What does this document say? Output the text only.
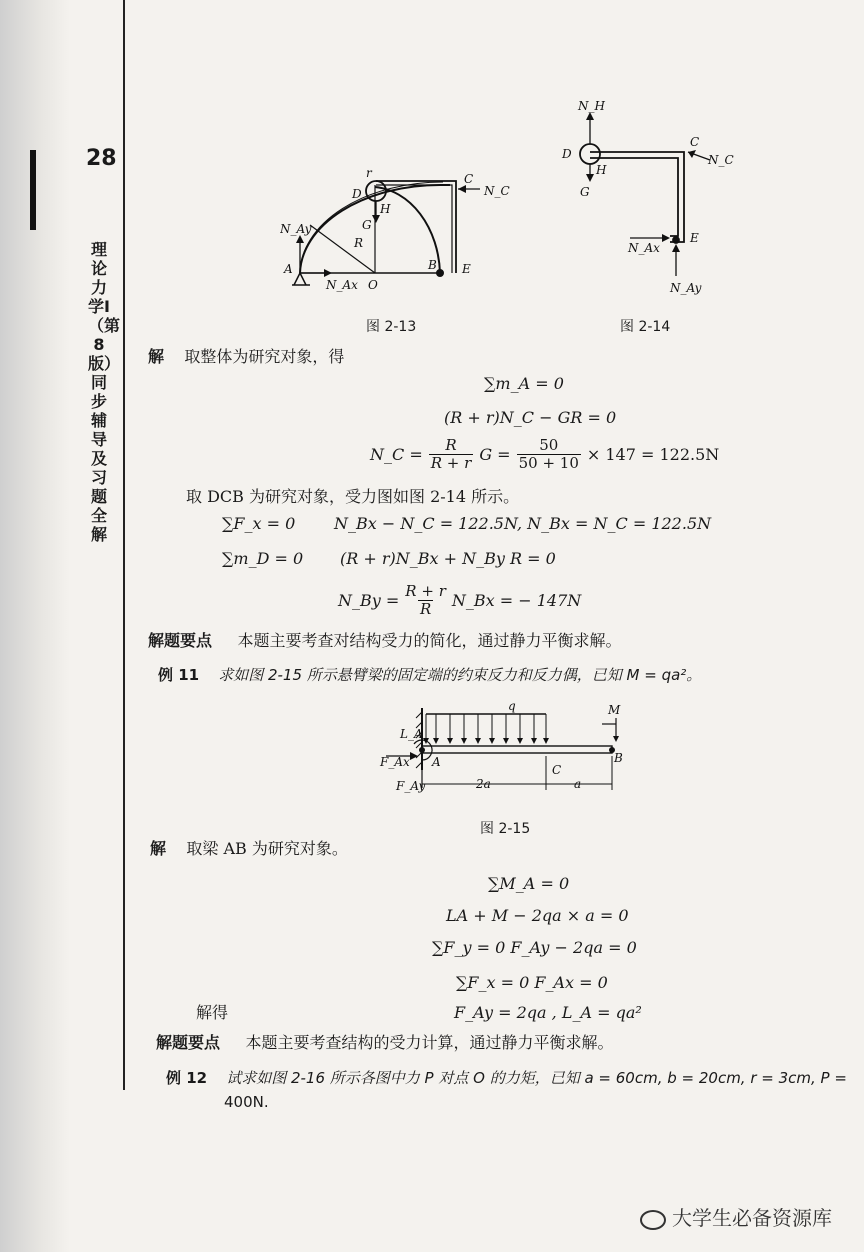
28
理论力学Ⅰ（第8版）同步辅导及习题全解
r
D
H
C
N_C
N_Ay	G
R
A
N_Ax O
B E
图 2-13
N_H
D
H
G
C
N_C
N_Ax
E
N_Ay
图 2-14
解 取整体为研究对象，得
∑m_A = 0
(R + r)N_C − GR = 0
N_C = $\frac{R}{R + r}$ $G = \frac{50}{50 + 10} \times 147 = 122.5N$
取 DCB 为研究对象，受力图如图 2-14 所示。
∑F_x = 0 N_Bx − N_C = 122.5N, N_Bx = N_C = 122.5N
∑m_D = 0 (R + r)N_Bx + N_By R = 0
N_By = $\frac{R + r}{R}$ N_Bx = − 147N
解题要点 本题主要考查对结构受力的简化，通过静力平衡求解。
例 11 求如图 2-15 所示悬臂梁的固定端的约束反力和反力偶，已知 M = qa²。
q	M
L_A
F_Ax A
F_Ay
C
B
2a	a
图 2-15
解 取梁 AB 为研究对象。
∑M_A = 0
LA + M − 2qa × a = 0
∑F_y = 0 F_Ay − 2qa = 0
∑F_x = 0 F_Ax = 0
解得	F_Ay = 2qa , L_A = qa²
解题要点 本题主要考查结构的受力计算，通过静力平衡求解。
例 12 试求如图 2-16 所示各图中力 P 对点 O 的力矩，已知 a = 60cm, b = 20cm, r = 3cm, P =
400N.
大学生必备资源库
